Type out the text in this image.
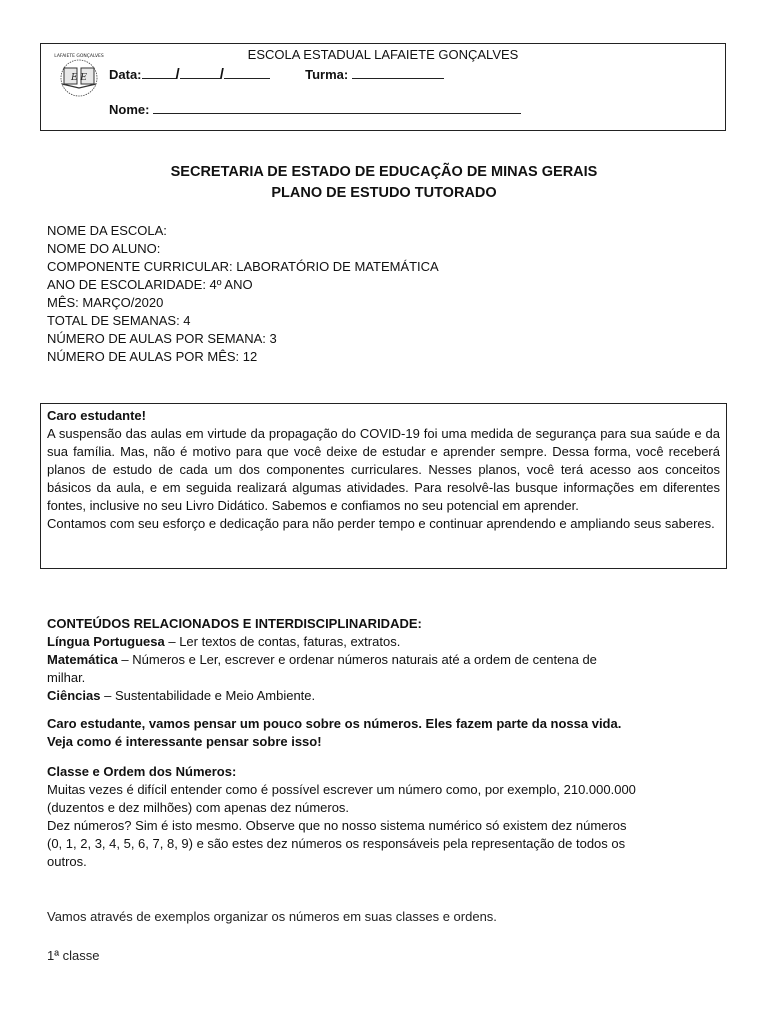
LAFAIETE GONÇALVES
E E
ESCOLA ESTADUAL LAFAIETE GONÇALVES
Data: /	/	Turma:
Nome:
SECRETARIA DE ESTADO DE EDUCAÇÃO DE MINAS GERAIS
PLANO DE ESTUDO TUTORADO
NOME DA ESCOLA:
NOME DO ALUNO:
COMPONENTE CURRICULAR: LABORATÓRIO DE MATEMÁTICA
ANO DE ESCOLARIDADE: 4º ANO
MÊS: MARÇO/2020
TOTAL DE SEMANAS: 4
NÚMERO DE AULAS POR SEMANA: 3
NÚMERO DE AULAS POR MÊS: 12
Caro estudante!
A suspensão das aulas em virtude da propagação do COVID-19 foi uma medida de segurança para sua saúde e da sua família. Mas, não é motivo para que você deixe de estudar e aprender sempre. Dessa forma, você receberá planos de estudo de cada um dos componentes curriculares. Nesses planos, você terá acesso aos conceitos básicos da aula, e em seguida realizará algumas atividades. Para resolvê-las busque informações em diferentes fontes, inclusive no seu Livro Didático. Sabemos e confiamos no seu potencial em aprender.
Contamos com seu esforço e dedicação para não perder tempo e continuar aprendendo e ampliando seus saberes.
CONTEÚDOS RELACIONADOS E INTERDISCIPLINARIDADE:
Língua Portuguesa – Ler textos de contas, faturas, extratos.
Matemática – Números e Ler, escrever e ordenar números naturais até a ordem de centena de milhar.
Ciências – Sustentabilidade e Meio Ambiente.
Caro estudante, vamos pensar um pouco sobre os números. Eles fazem parte da nossa vida. Veja como é interessante pensar sobre isso!
Classe e Ordem dos Números:
Muitas vezes é difícil entender como é possível escrever um número como, por exemplo, 210.000.000 (duzentos e dez milhões) com apenas dez números.
Dez números? Sim é isto mesmo. Observe que no nosso sistema numérico só existem dez números (0, 1, 2, 3, 4, 5, 6, 7, 8, 9) e são estes dez números os responsáveis pela representação de todos os outros.
Vamos através de exemplos organizar os números em suas classes e ordens.
1ª classe
